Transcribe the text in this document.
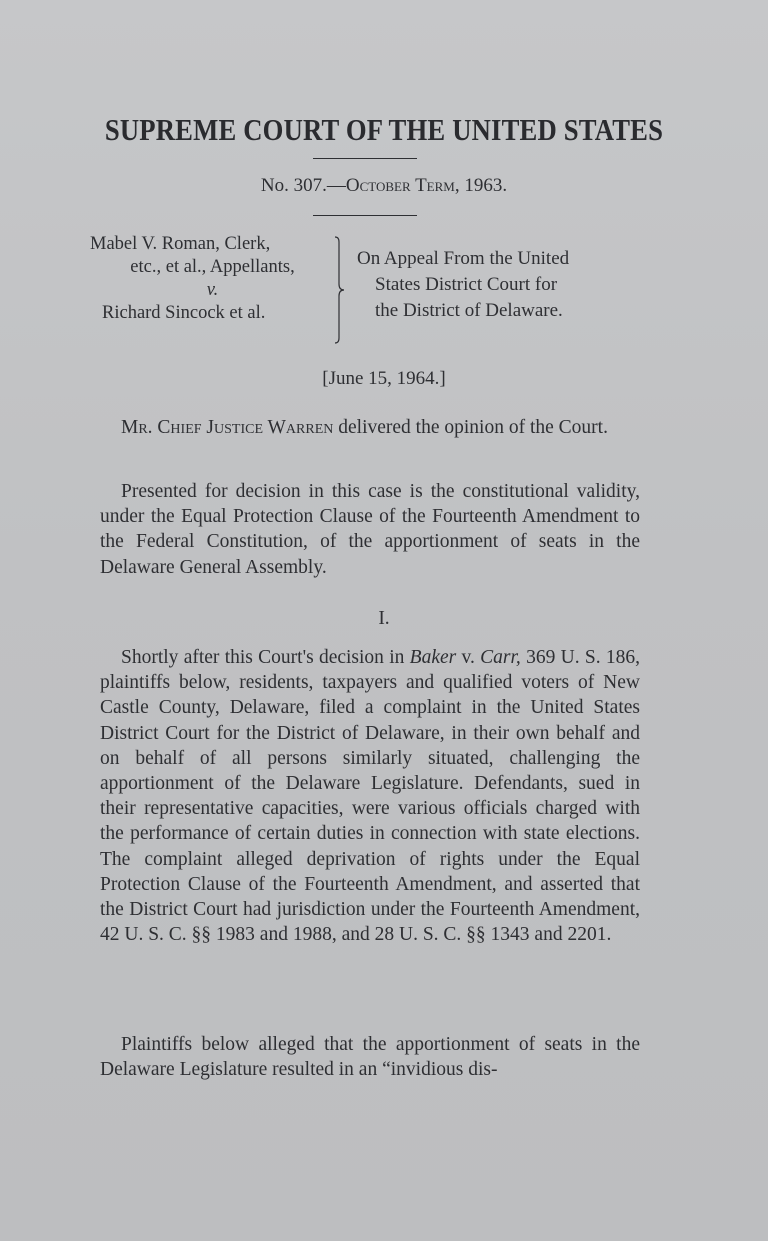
SUPREME COURT OF THE UNITED STATES
No. 307.—October Term, 1963.
Mabel V. Roman, Clerk,
etc., et al., Appellants,
v.
Richard Sincock et al.
On Appeal From the United
States District Court for
the District of Delaware.
[June 15, 1964.]
Mr. Chief Justice Warren delivered the opinion of the Court.
Presented for decision in this case is the constitutional validity, under the Equal Protection Clause of the Fourteenth Amendment to the Federal Constitution, of the apportionment of seats in the Delaware General Assembly.
I.
Shortly after this Court's decision in Baker v. Carr, 369 U. S. 186, plaintiffs below, residents, taxpayers and qualified voters of New Castle County, Delaware, filed a complaint in the United States District Court for the District of Delaware, in their own behalf and on behalf of all persons similarly situated, challenging the apportionment of the Delaware Legislature. Defendants, sued in their representative capacities, were various officials charged with the performance of certain duties in connection with state elections. The complaint alleged deprivation of rights under the Equal Protection Clause of the Fourteenth Amendment, and asserted that the District Court had jurisdiction under the Fourteenth Amendment, 42 U. S. C. §§ 1983 and 1988, and 28 U. S. C. §§ 1343 and 2201.
Plaintiffs below alleged that the apportionment of seats in the Delaware Legislature resulted in an “invidious dis-
